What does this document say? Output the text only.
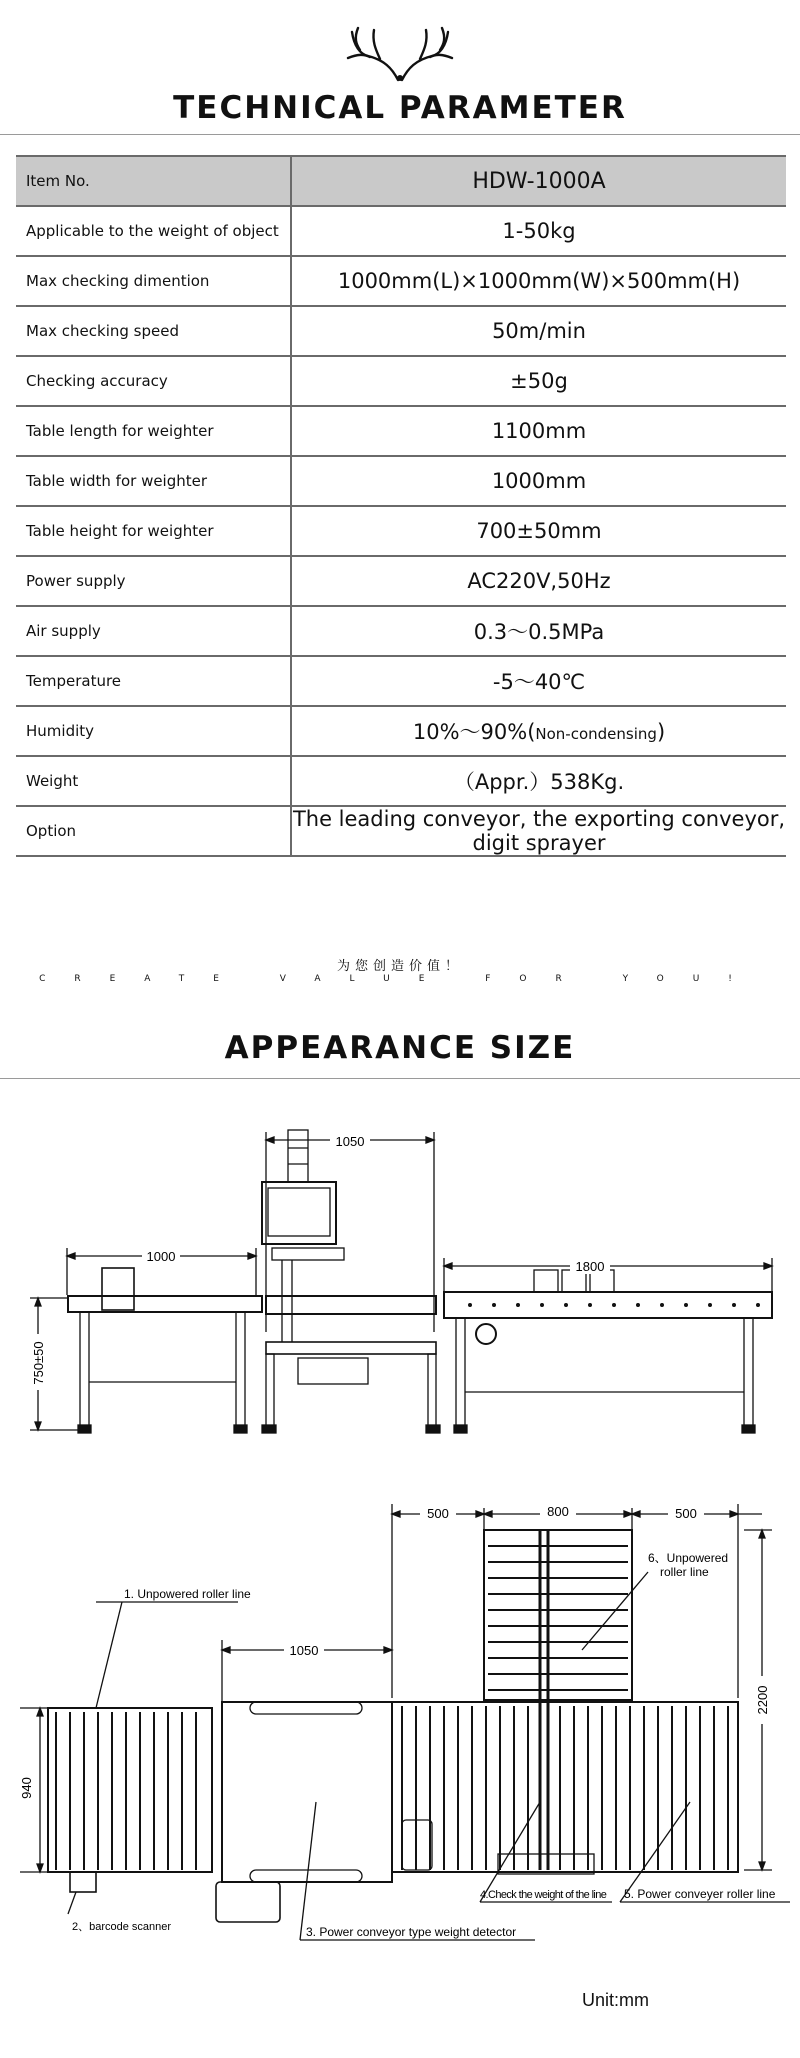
TECHNICAL PARAMETER
Item No.	HDW-1000A
Applicable to the weight of object	1-50kg
Max checking dimention	1000mm(L)×1000mm(W)×500mm(H)
Max checking speed	50m/min
Checking accuracy	±50g
Table length for weighter	1100mm
Table width for weighter	1000mm
Table height for weighter	700±50mm
Power supply	AC220V,50Hz
Air supply	0.3～0.5MPa
Temperature	-5～40℃
Humidity	10%～90%(Non-condensing)
Weight	（Appr.）538Kg.
Option	The leading conveyor, the exporting conveyor, digit sprayer
为您创造价值！
CREATE VALUE FOR YOU!
APPEARANCE SIZE
1050
1000
1800
750±50
500	800	500
1050
940
2200
1. Unpowered roller line
2、barcode scanner	3. Power conveyor type weight detector
4.Check the weight of the line 5. Power conveyer roller line
6、Unpowered
roller line
Unit:mm
